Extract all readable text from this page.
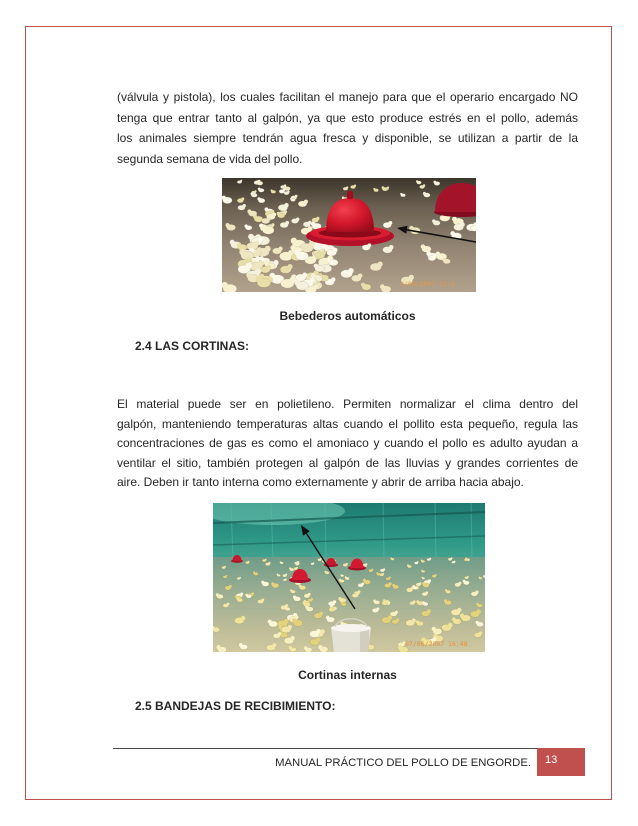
(válvula y pistola), los cuales facilitan el manejo para que el operario encargado NO
tenga que entrar tanto al galpón, ya que esto produce estrés en el pollo, además
los animales siempre tendrán agua fresca y disponible, se utilizan a partir de la
segunda semana de vida del pollo.
2/06/2007 12:5
Bebederos automáticos
2.4 LAS CORTINAS:
El material puede ser en polietileno. Permiten normalizar el clima dentro del
galpón, manteniendo temperaturas altas cuando el pollito esta pequeño, regula las
concentraciones de gas es como el amoniaco y cuando el pollo es adulto ayudan a
ventilar el sitio, también protegen al galpón de las lluvias y grandes corrientes de
aire. Deben ir tanto interna como externamente y abrir de arriba hacia abajo.
07/06/2007 16:48
Cortinas internas
2.5 BANDEJAS DE RECIBIMIENTO:
MANUAL PRÁCTICO DEL POLLO DE ENGORDE.	13
